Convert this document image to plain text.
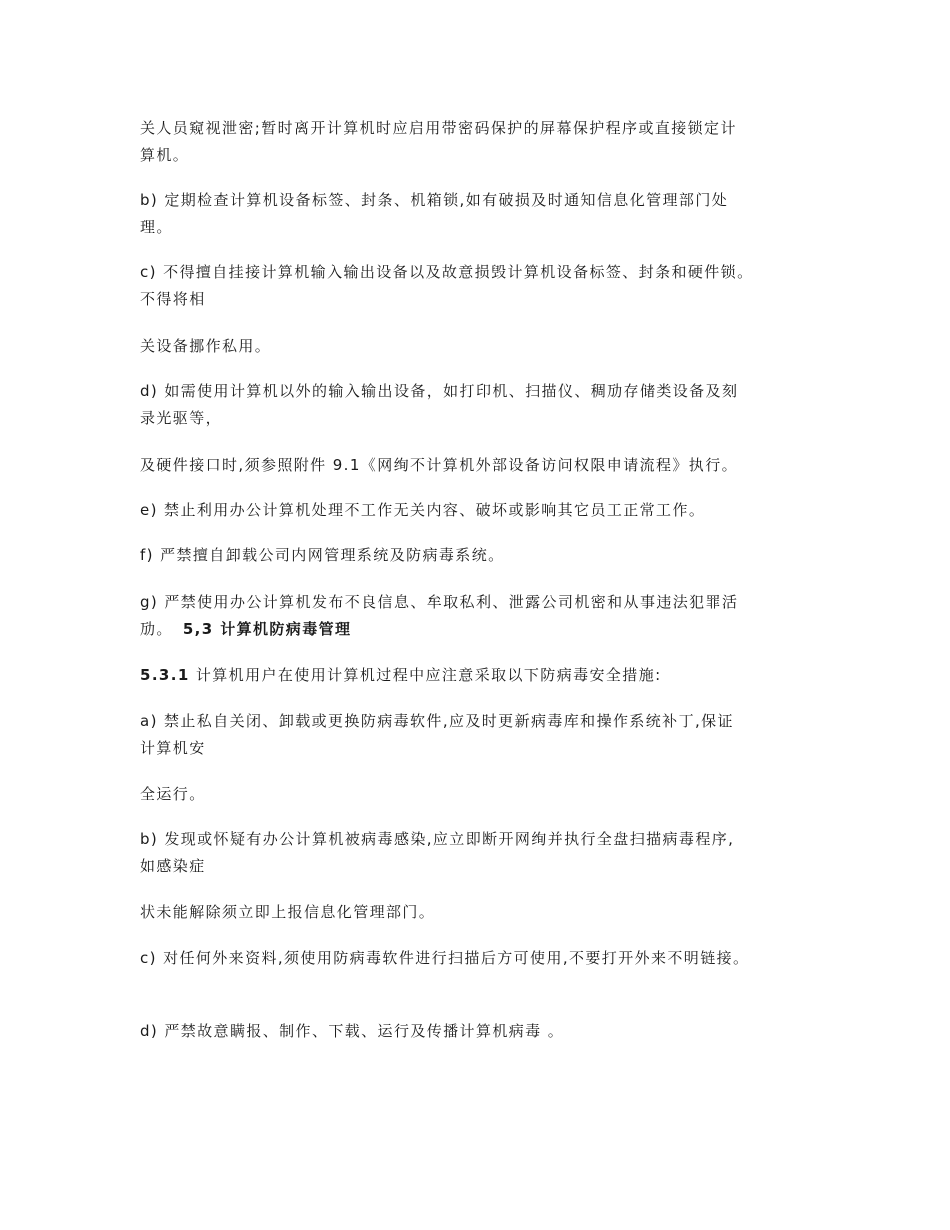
关人员窥视泄密;暂时离开计算机时应启用带密码保护的屏幕保护程序或直接锁定计
算机。
b) 定期检查计算机设备标签、封条、机箱锁,如有破损及时通知信息化管理部门处
理。
c) 不得擅自挂接计算机输入输出设备以及故意损毁计算机设备标签、封条和硬件锁。
不得将相
关设备挪作私用。
d) 如需使用计算机以外的输入输出设备，如打印机、扫描仪、稠劢存储类设备及刻
录光驱等，
及硬件接口时,须参照附件 9.1《网绚不计算机外部设备访问权限申请流程》执行。
e) 禁止利用办公计算机处理不工作无关内容、破坏或影响其它员工正常工作。
f) 严禁擅自卸载公司内网管理系统及防病毒系统。
g) 严禁使用办公计算机发布不良信息、牟取私利、泄露公司机密和从事违法犯罪活
劢。 5,3 计算机防病毒管理
5.3.1 计算机用户在使用计算机过程中应注意采取以下防病毒安全措施:
a) 禁止私自关闭、卸载或更换防病毒软件,应及时更新病毒库和操作系统补丁,保证
计算机安
全运行。
b) 发现或怀疑有办公计算机被病毒感染,应立即断开网绚并执行全盘扫描病毒程序,
如感染症
状未能解除须立即上报信息化管理部门。
c) 对任何外来资料,须使用防病毒软件进行扫描后方可使用,不要打开外来不明链接。
d) 严禁故意瞒报、制作、下载、运行及传播计算机病毒 。
